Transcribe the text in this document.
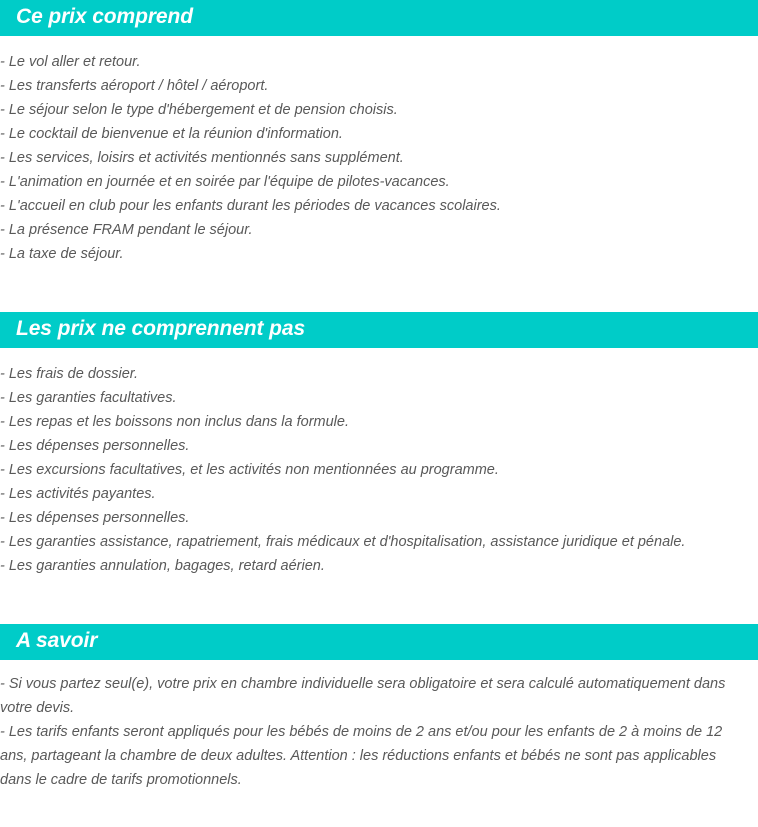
Ce prix comprend
- Le vol aller et retour.
- Les transferts aéroport / hôtel / aéroport.
- Le séjour selon le type d'hébergement et de pension choisis.
- Le cocktail de bienvenue et la réunion d'information.
- Les services, loisirs et activités mentionnés sans supplément.
- L'animation en journée et en soirée par l'équipe de pilotes-vacances.
- L'accueil en club pour les enfants durant les périodes de vacances scolaires.
- La présence FRAM pendant le séjour.
- La taxe de séjour.
Les prix ne comprennent pas
- Les frais de dossier.
- Les garanties facultatives.
- Les repas et les boissons non inclus dans la formule.
- Les dépenses personnelles.
- Les excursions facultatives, et les activités non mentionnées au programme.
- Les activités payantes.
- Les dépenses personnelles.
- Les garanties assistance, rapatriement, frais médicaux et d'hospitalisation, assistance juridique et pénale.
- Les garanties annulation, bagages, retard aérien.
A savoir
- Si vous partez seul(e), votre prix en chambre individuelle sera obligatoire et sera calculé automatiquement dans votre devis.
- Les tarifs enfants seront appliqués pour les bébés de moins de 2 ans et/ou pour les enfants de 2 à moins de 12 ans, partageant la chambre de deux adultes. Attention : les réductions enfants et bébés ne sont pas applicables dans le cadre de tarifs promotionnels.
